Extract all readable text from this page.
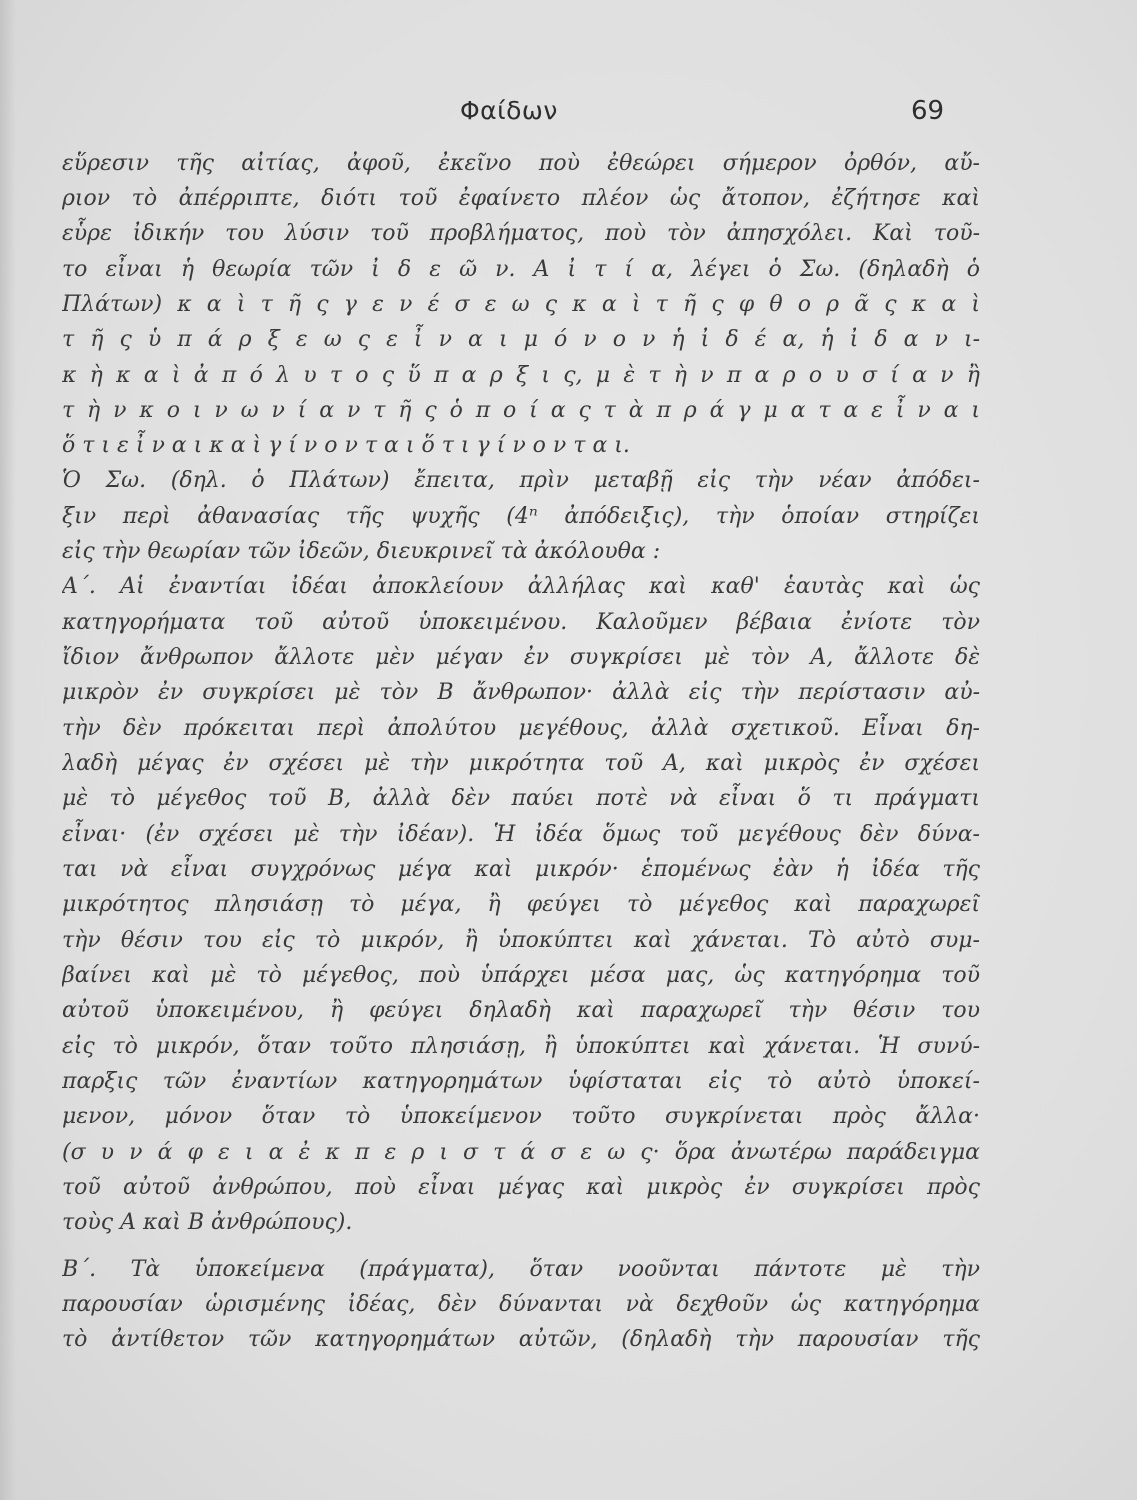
Φαίδων	69
εὕρεσιν τῆς αἰτίας, ἀφοῦ, ἐκεῖνο ποὺ ἐθεώρει σήμερον ὀρθόν, αὔ-
ριον τὸ ἀπέρριπτε, διότι τοῦ ἐφαίνετο πλέον ὡς ἄτοπον, ἐζήτησε καὶ
εὗρε ἰδικήν του λύσιν τοῦ προβλήματος, ποὺ τὸν ἀπησχόλει. Καὶ τοῦ-
το εἶναι ἡ θεωρία τῶν ἰ δ ε ῶ ν. Α ἰ τ ί α, λέγει ὁ Σω. (δηλαδὴ ὁ
Πλάτων) κ α ὶ τ ῆ ς γ ε ν έ σ ε ω ς κ α ὶ τ ῆ ς φ θ ο ρ ᾶ ς κ α ὶ
τ ῆ ς ὑ π ά ρ ξ ε ω ς ε ἶ ν α ι μ ό ν ο ν ἡ ἰ δ έ α, ἡ ἰ δ α ν ι-
κ ὴ κ α ὶ ἀ π ό λ υ τ ο ς ὕ π α ρ ξ ι ς, μ ὲ τ ὴ ν π α ρ ο υ σ ί α ν ἢ
τ ὴ ν κ ο ι ν ω ν ί α ν τ ῆ ς ὁ π ο ί α ς τ ὰ π ρ ά γ μ α τ α ε ἶ ν α ι
ὅ τ ι ε ἶ ν α ι κ α ὶ γ ί ν ο ν τ α ι ὅ τ ι γ ί ν ο ν τ α ι.
Ὁ Σω. (δηλ. ὁ Πλάτων) ἔπειτα, πρὶν μεταβῇ εἰς τὴν νέαν ἀπόδει-
ξιν περὶ ἀθανασίας τῆς ψυχῆς (4ⁿ ἀπόδειξις), τὴν ὁποίαν στηρίζει
εἰς τὴν θεωρίαν τῶν ἰδεῶν, διευκρινεῖ τὰ ἀκόλουθα :
Α΄. Αἱ ἐναντίαι ἰδέαι ἀποκλείουν ἀλλήλας καὶ καθ' ἑαυτὰς καὶ ὡς
κατηγορήματα τοῦ αὐτοῦ ὑποκειμένου. Καλοῦμεν βέβαια ἐνίοτε τὸν
ἴδιον ἄνθρωπον ἄλλοτε μὲν μέγαν ἐν συγκρίσει μὲ τὸν Α, ἄλλοτε δὲ
μικρὸν ἐν συγκρίσει μὲ τὸν Β ἄνθρωπον· ἀλλὰ εἰς τὴν περίστασιν αὐ-
τὴν δὲν πρόκειται περὶ ἀπολύτου μεγέθους, ἀλλὰ σχετικοῦ. Εἶναι δη-
λαδὴ μέγας ἐν σχέσει μὲ τὴν μικρότητα τοῦ Α, καὶ μικρὸς ἐν σχέσει
μὲ τὸ μέγεθος τοῦ Β, ἀλλὰ δὲν παύει ποτὲ νὰ εἶναι ὅ τι πράγματι
εἶναι· (ἐν σχέσει μὲ τὴν ἰδέαν). Ἡ ἰδέα ὅμως τοῦ μεγέθους δὲν δύνα-
ται νὰ εἶναι συγχρόνως μέγα καὶ μικρόν· ἑπομένως ἐὰν ἡ ἰδέα τῆς
μικρότητος πλησιάσῃ τὸ μέγα, ἢ φεύγει τὸ μέγεθος καὶ παραχωρεῖ
τὴν θέσιν του εἰς τὸ μικρόν, ἢ ὑποκύπτει καὶ χάνεται. Τὸ αὐτὸ συμ-
βαίνει καὶ μὲ τὸ μέγεθος, ποὺ ὑπάρχει μέσα μας, ὡς κατηγόρημα τοῦ
αὐτοῦ ὑποκειμένου, ἢ φεύγει δηλαδὴ καὶ παραχωρεῖ τὴν θέσιν του
εἰς τὸ μικρόν, ὅταν τοῦτο πλησιάσῃ, ἢ ὑποκύπτει καὶ χάνεται. Ἡ συνύ-
παρξις τῶν ἐναντίων κατηγορημάτων ὑφίσταται εἰς τὸ αὐτὸ ὑποκεί-
μενον, μόνον ὅταν τὸ ὑποκείμενον τοῦτο συγκρίνεται πρὸς ἄλλα·
(σ υ ν ά φ ε ι α ἐ κ π ε ρ ι σ τ ά σ ε ω ς· ὅρα ἀνωτέρω παράδειγμα
τοῦ αὐτοῦ ἀνθρώπου, ποὺ εἶναι μέγας καὶ μικρὸς ἐν συγκρίσει πρὸς
τοὺς Α καὶ Β ἀνθρώπους).
Β΄. Τὰ ὑποκείμενα (πράγματα), ὅταν νοοῦνται πάντοτε μὲ τὴν
παρουσίαν ὡρισμένης ἰδέας, δὲν δύνανται νὰ δεχθοῦν ὡς κατηγόρημα
τὸ ἀντίθετον τῶν κατηγορημάτων αὐτῶν, (δηλαδὴ τὴν παρουσίαν τῆς
